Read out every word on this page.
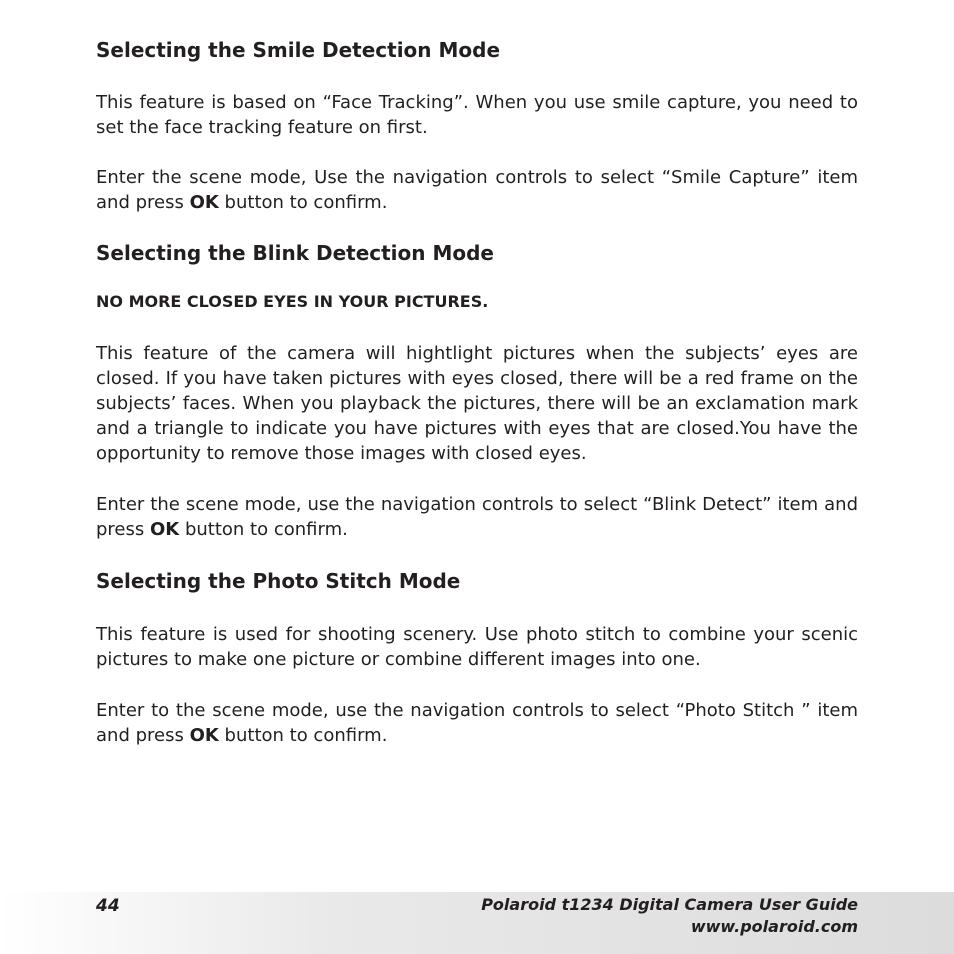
Selecting the Smile Detection Mode

This feature is based on “Face Tracking”. When you use smile capture, you need to set the face tracking feature on first.

Enter the scene mode, Use the navigation controls to select “Smile Capture” item and press OK button to confirm.

Selecting the Blink Detection Mode
NO MORE CLOSED EYES IN YOUR PICTURES.

This feature of the camera will hightlight pictures when the subjects’ eyes are closed. If you have taken pictures with eyes closed, there will be a red frame on the subjects’ faces. When you playback the pictures, there will be an exclamation mark and a triangle to indicate you have pictures with eyes that are closed.You have the opportunity to remove those images with closed eyes.

Enter the scene mode, use the navigation controls to select “Blink Detect” item and press OK button to confirm.

Selecting the Photo Stitch Mode

This feature is used for shooting scenery. Use photo stitch to combine your scenic pictures to make one picture or combine different images into one.

Enter to the scene mode, use the navigation controls to select “Photo Stitch ” item and press OK button to confirm.

44	Polaroid t1234 Digital Camera User Guide
www.polaroid.com
